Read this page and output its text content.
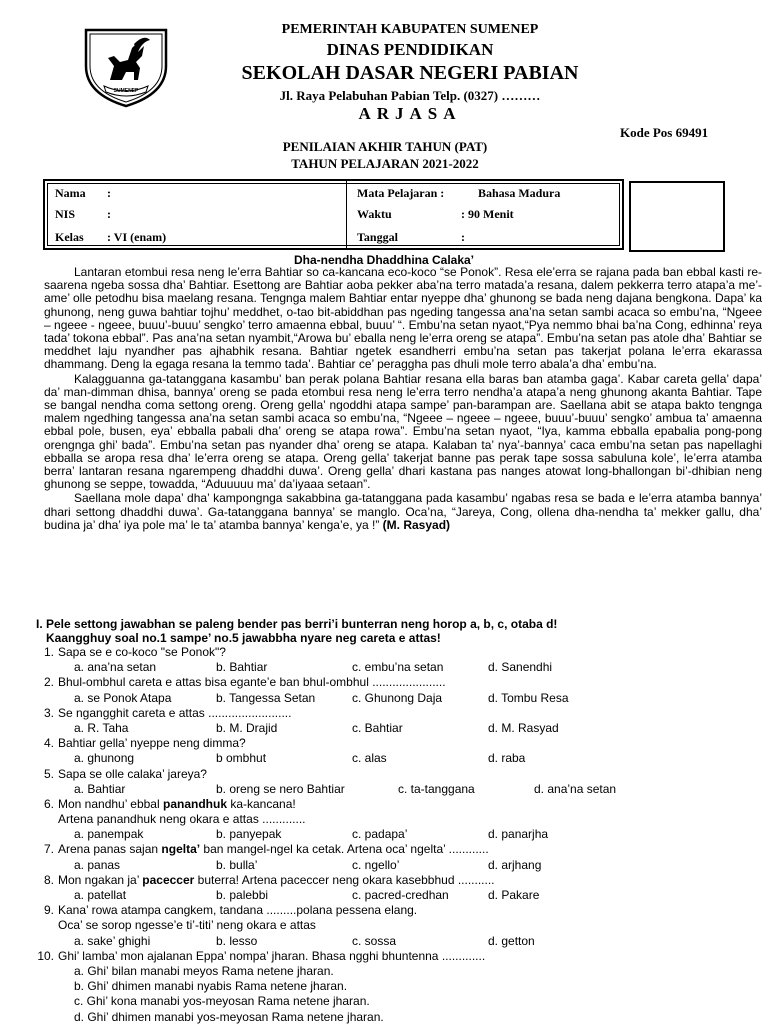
SUMENEP
PEMERINTAH KABUPATEN SUMENEP
DINAS PENDIDIKAN
SEKOLAH DASAR NEGERI PABIAN
Jl. Raya Pelabuhan Pabian Telp. (0327) ………
ARJASA
Kode Pos 69491
PENILAIAN AKHIR TAHUN (PAT)
TAHUN PELAJARAN 2021-2022
Nama :
NIS	:
Kelas : VI (enam)
Mata Pelajaran :	Bahasa Madura
Waktu	: 90 Menit
Tanggal	:
Dha-nendha Dhaddhina Calaka’

Lantaran etombui resa neng le’erra Bahtiar so ca-kancana eco-koco “se Ponok”. Resa ele’erra se rajana pada ban ebbal kasti re-saarena ngeba sossa dha’ Bahtiar. Esettong are Bahtiar aoba pekker aba’na terro matada’a resana, dalem pekkerra terro atapa’a me’-ame’ olle petodhu bisa maelang resana. Tengnga malem Bahtiar entar nyeppe dha’ ghunong se bada neng dajana bengkona. Dapa’ ka ghunong, neng guwa bahtiar tojhu’ meddhet, o-tao bit-abiddhan pas ngeding tangessa ana’na setan sambi acaca so embu’na, “Ngeee – ngeee - ngeee, buuu’-buuu’ sengko’ terro amaenna ebbal, buuu’ “. Embu’na setan nyaot,“Pya nemmo bhai ba’na Cong, edhinna’ reya tada’ tokona ebbal”. Pas ana’na setan nyambit,“Arowa bu’ eballa neng le’erra oreng se atapa”. Embu’na setan pas atole dha’ Bahtiar se meddhet laju nyandher pas ajhabhik resana. Bahtiar ngetek esandherri embu’na setan pas takerjat polana le’erra ekarassa dhammang. Deng la egaga resana la temmo tada’. Bahtiar ce’ peraggha pas dhuli mole terro abala’a dha’ embu’na.

Kalagguanna ga-tatanggana kasambu’ ban perak polana Bahtiar resana ella baras ban atamba gaga’. Kabar careta gella’ dapa’ da’ man-dimman dhisa, bannya’ oreng se pada etombui resa neng le’erra terro nendha’a atapa’a neng ghunong akanta Bahtiar. Tape se bangal nendha coma settong oreng. Oreng gella’ ngoddhi atapa sampe’ pan-barampan are. Saellana abit se atapa bakto tengnga malem ngedhing tangessa ana’na setan sambi acaca so embu’na, “Ngeee – ngeee – ngeee, buuu’-buuu’ sengko’ ambua ta’ amaenna ebbal pole, busen, eya’ ebballa pabali dha’ oreng se atapa rowa”. Embu’na setan nyaot, “Iya, kamma ebballa epabalia pong-pong orengnga ghi’ bada”. Embu’na setan pas nyander dha’ oreng se atapa. Kalaban ta’ nya’-bannya’ caca embu’na setan pas napellaghi ebballa se aropa resa dha’ le’erra oreng se atapa. Oreng gella’ takerjat banne pas perak tape sossa sabuluna kole’, le’erra atamba berra’ lantaran resana ngarempeng dhaddhi duwa’. Oreng gella’ dhari kastana pas nanges atowat long-bhallongan bi’-dhibian neng ghunong se seppe, towadda, “Aduuuuu ma’ da’iyaaa setaan”.

Saellana mole dapa’ dha’ kampongnga sakabbina ga-tatanggana pada kasambu’ ngabas resa se bada e le’erra atamba bannya’ dhari settong dhaddhi duwa’. Ga-tatanggana bannya’ se manglo. Oca’na, “Jareya, Cong, ollena dha-nendha ta’ mekker gallu, dha’ budina ja’ dha’ iya pole ma’ le ta’ atamba bannya’ kenga’e, ya !” (M. Rasyad)

I. Pele settong jawabhan se paleng bender pas berri’i bunterran neng horop a, b, c, otaba d!
Kaangghuy soal no.1 sampe’ no.5 jawabbha nyare neg careta e attas!
1. Sapa se e co-koco "se Ponok"?
a. ana’na setan	b. Bahtiar	c. embu’na setan	d. Sanendhi
2. Bhul-ombhul careta e attas bisa egante’e ban bhul-ombhul ......................
a. se Ponok Atapa	b. Tangessa Setan	c. Ghunong Daja	d. Tombu Resa
3. Se ngangghit careta e attas .........................
a. R. Taha	b. M. Drajid	c. Bahtiar	d. M. Rasyad
4. Bahtiar gella’ nyeppe neng dimma?
a. ghunong	b ombhut	c. alas	d. raba
5. Sapa se olle calaka’ jareya?
a. Bahtiar	b. oreng se nero Bahtiar	c. ta-tanggana	d. ana’na setan
6. Mon nandhu’ ebbal panandhuk ka-kancana!
Artena panandhuk neng okara e attas .............
a. panempak	b. panyepak	c. padapa’	d. panarjha
7. Arena panas sajan ngelta’ ban mangel-ngel ka cetak. Artena oca’ ngelta’ ............
a. panas	b. bulla’	c. ngello’	d. arjhang
8. Mon ngakan ja’ paceccer buterra! Artena paceccer neng okara kasebbhud ...........
a. patellat	b. palebbi	c. pacred-credhan	d. Pakare
9. Kana’ rowa atampa cangkem, tandana .........polana pessena elang.
Oca’ se sorop ngesse’e ti’-titi’ neng okara e attas
a. sake’ ghighi	b. lesso	c. sossa	d. getton
10. Ghi’ lamba’ mon ajalanan Eppa’ nompa’ jharan. Bhasa ngghi bhuntenna .............
a. Ghi’ bilan manabi meyos Rama netene jharan.
b. Ghi’ dhimen manabi nyabis Rama netene jharan.
c. Ghi’ kona manabi yos-meyosan Rama netene jharan.
d. Ghi’ dhimen manabi yos-meyosan Rama netene jharan.
